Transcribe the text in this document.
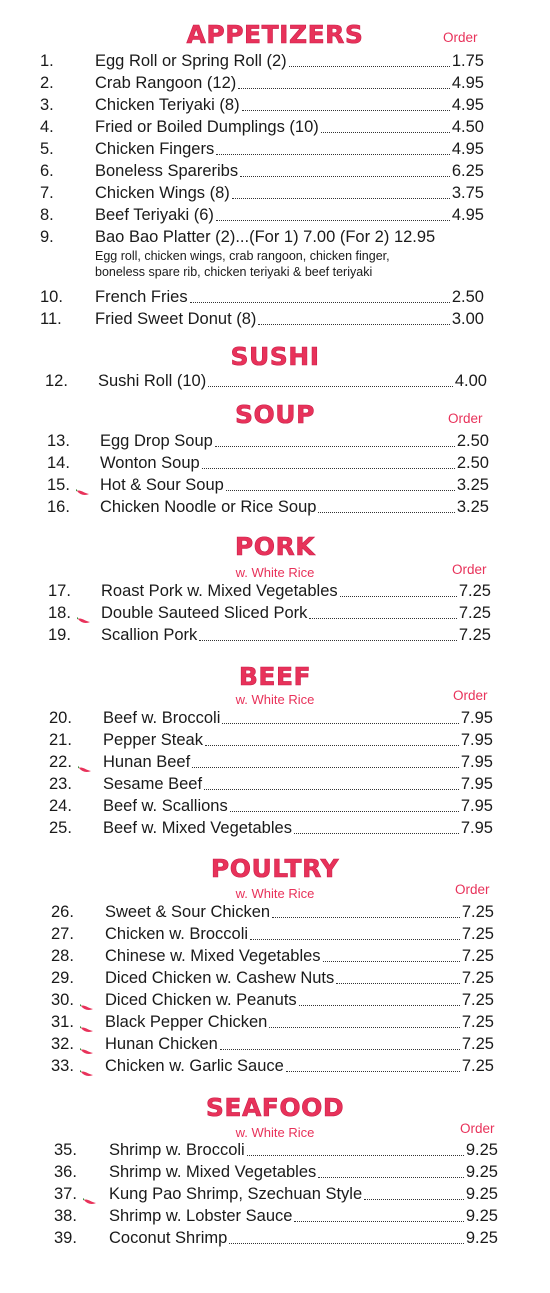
APPETIZERS	Order
1.	Egg Roll or Spring Roll (2)	1.75
2.	Crab Rangoon (12)	4.95
3.	Chicken Teriyaki (8)	4.95
4.	Fried or Boiled Dumplings (10)	4.50
5.	Chicken Fingers	4.95
6.	Boneless Spareribs	6.25
7.	Chicken Wings (8)	3.75
8.	Beef Teriyaki (6)	4.95
9.	Bao Bao Platter (2)...(For 1) 7.00 (For 2) 12.95
Egg roll, chicken wings, crab rangoon, chicken finger,
boneless spare rib, chicken teriyaki & beef teriyaki
10.	French Fries	2.50
11.	Fried Sweet Donut (8)	3.00
SUSHI
12.	Sushi Roll (10)	4.00
SOUP	Order
13.	Egg Drop Soup	2.50
14.	Wonton Soup	2.50
15.	Hot & Sour Soup	3.25
16.	Chicken Noodle or Rice Soup	3.25
PORK
w. White Rice	Order
17.	Roast Pork w. Mixed Vegetables	7.25
18.	Double Sauteed Sliced Pork	7.25
19.	Scallion Pork	7.25
BEEF
w. White Rice	Order
20.	Beef w. Broccoli	7.95
21.	Pepper Steak	7.95
22.	Hunan Beef	7.95
23.	Sesame Beef	7.95
24.	Beef w. Scallions	7.95
25.	Beef w. Mixed Vegetables	7.95
POULTRY
w. White Rice	Order
26.	Sweet & Sour Chicken	7.25
27.	Chicken w. Broccoli	7.25
28.	Chinese w. Mixed Vegetables	7.25
29.	Diced Chicken w. Cashew Nuts	7.25
30.	Diced Chicken w. Peanuts	7.25
31.	Black Pepper Chicken	7.25
32.	Hunan Chicken	7.25
33.	Chicken w. Garlic Sauce	7.25
SEAFOOD
w. White Rice	Order
35.	Shrimp w. Broccoli	9.25
36.	Shrimp w. Mixed Vegetables	9.25
37.	Kung Pao Shrimp, Szechuan Style	9.25
38.	Shrimp w. Lobster Sauce	9.25
39.	Coconut Shrimp	9.25
